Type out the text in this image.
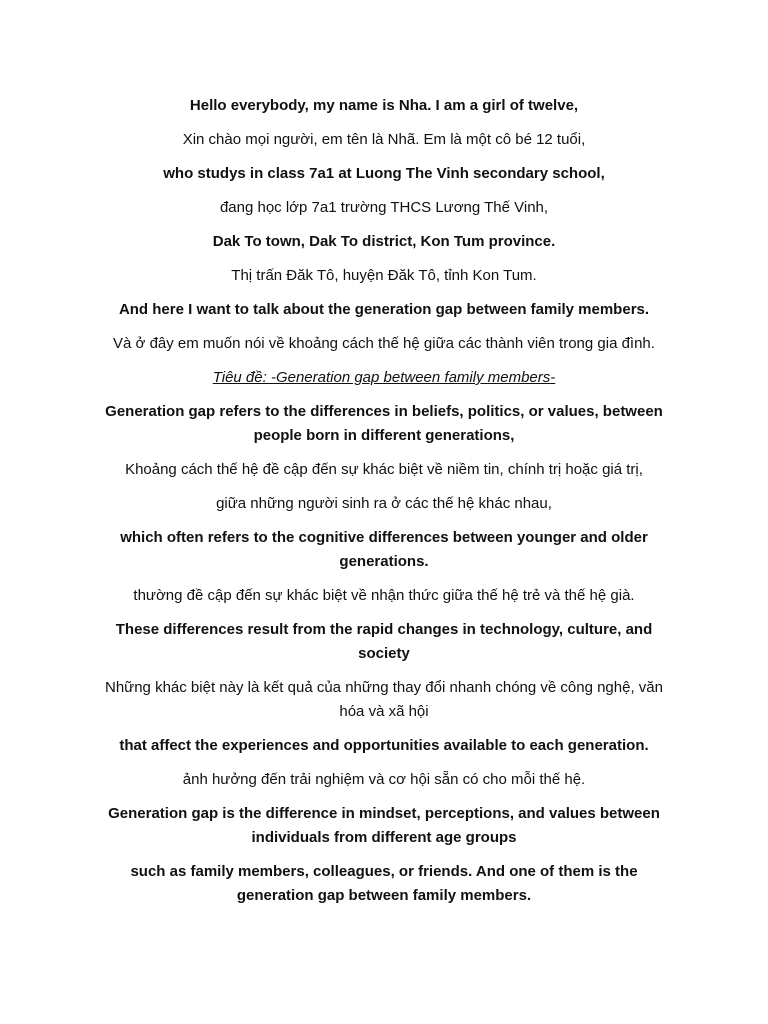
Hello everybody, my name is Nha. I am a girl of twelve,

Xin chào mọi người, em tên là Nhã. Em là một cô bé 12 tuổi,

who studys in class 7a1 at Luong The Vinh secondary school,

đang học lớp 7a1 trường THCS Lương Thế Vinh,

Dak To town, Dak To district, Kon Tum province.

Thị trấn Đăk Tô, huyện Đăk Tô, tỉnh Kon Tum.

And here I want to talk about the generation gap between family members.

Và ở đây em muốn nói về khoảng cách thế hệ giữa các thành viên trong gia đình.

Tiêu đề: -Generation gap between family members-

Generation gap refers to the differences in beliefs, politics, or values, between people born in different generations,

Khoảng cách thế hệ đề cập đến sự khác biệt về niềm tin, chính trị hoặc giá trị,

giữa những người sinh ra ở các thế hệ khác nhau,

which often refers to the cognitive differences between younger and older generations.

thường đề cập đến sự khác biệt về nhận thức giữa thế hệ trẻ và thế hệ già.

These differences result from the rapid changes in technology, culture, and society

Những khác biệt này là kết quả của những thay đổi nhanh chóng về công nghệ, văn hóa và xã hội

that affect the experiences and opportunities available to each generation.

ảnh hưởng đến trải nghiệm và cơ hội sẵn có cho mỗi thế hệ.

Generation gap is the difference in mindset, perceptions, and values between individuals from different age groups

such as family members, colleagues, or friends. And one of them is the generation gap between family members.
